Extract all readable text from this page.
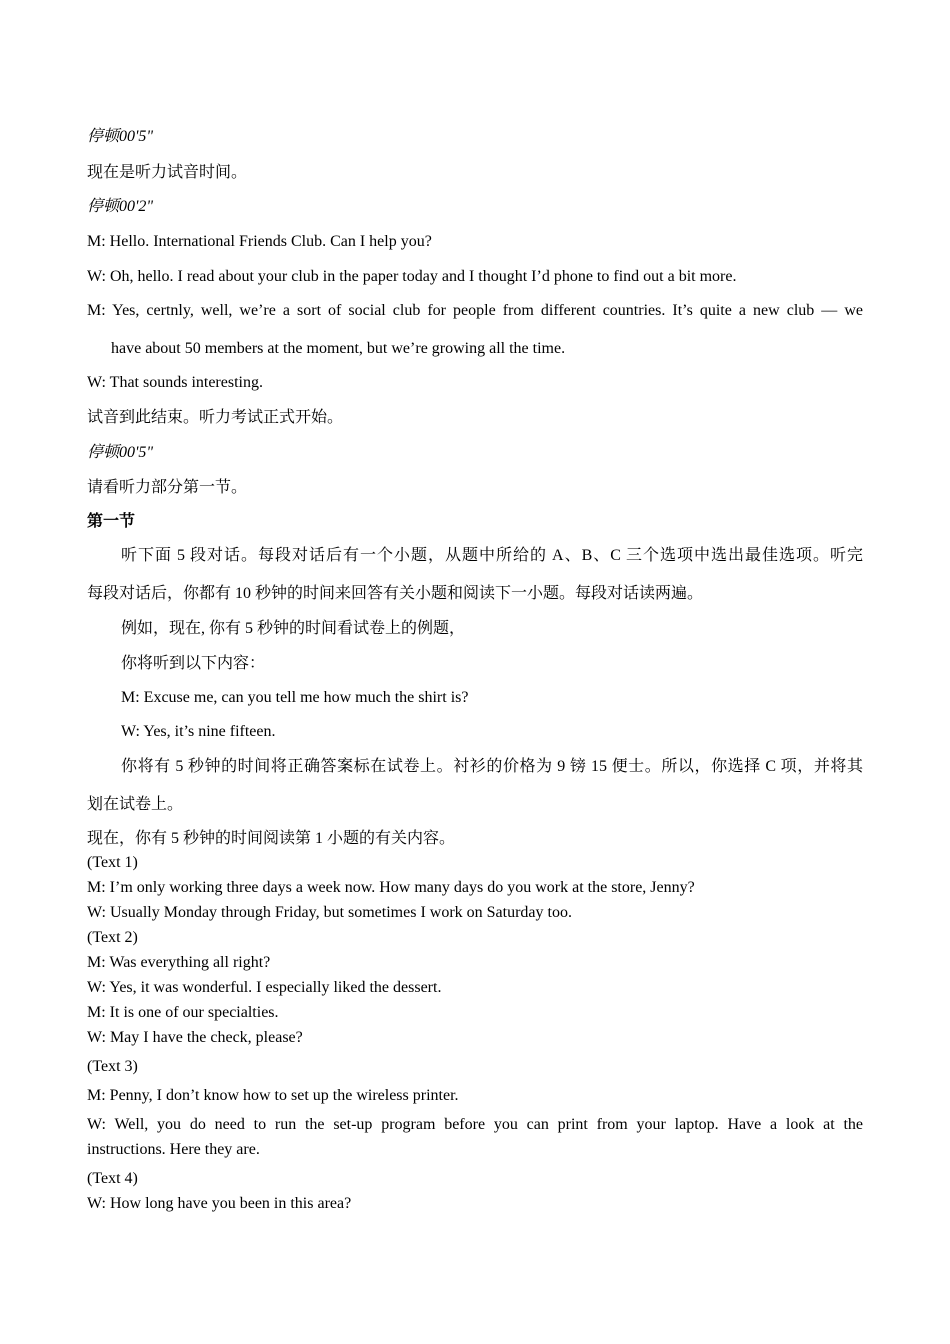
停顿00'5"
现在是听力试音时间。
停顿00'2"
M: Hello. International Friends Club. Can I help you?
W: Oh, hello. I read about your club in the paper today and I thought I’d phone to find out a bit more.
M: Yes, certnly, well, we’re a sort of social club for people from different countries. It’s quite a new club — we
have about 50 members at the moment, but we’re growing all the time.
W: That sounds interesting.
试音到此结束。听力考试正式开始。
停顿00'5"
请看听力部分第一节。
第一节
听下面 5 段对话。每段对话后有一个小题，从题中所给的 A、B、C 三个选项中选出最佳选项。听完
每段对话后，你都有 10 秒钟的时间来回答有关小题和阅读下一小题。每段对话读两遍。
例如，现在, 你有 5 秒钟的时间看试卷上的例题，
你将听到以下内容：
M: Excuse me, can you tell me how much the shirt is?
W: Yes, it’s nine fifteen.
你将有 5 秒钟的时间将正确答案标在试卷上。衬衫的价格为 9 镑 15 便士。所以，你选择 C 项，并将其
划在试卷上。
现在，你有 5 秒钟的时间阅读第 1 小题的有关内容。
(Text 1)
M: I’m only working three days a week now. How many days do you work at the store, Jenny?
W: Usually Monday through Friday, but sometimes I work on Saturday too.
(Text 2)
M: Was everything all right?
W: Yes, it was wonderful. I especially liked the dessert.
M: It is one of our specialties.
W: May I have the check, please?
(Text 3)
M: Penny, I don’t know how to set up the wireless printer.
W: Well, you do need to run the set-up program before you can print from your laptop. Have a look at the
instructions. Here they are.
(Text 4)
W: How long have you been in this area?
